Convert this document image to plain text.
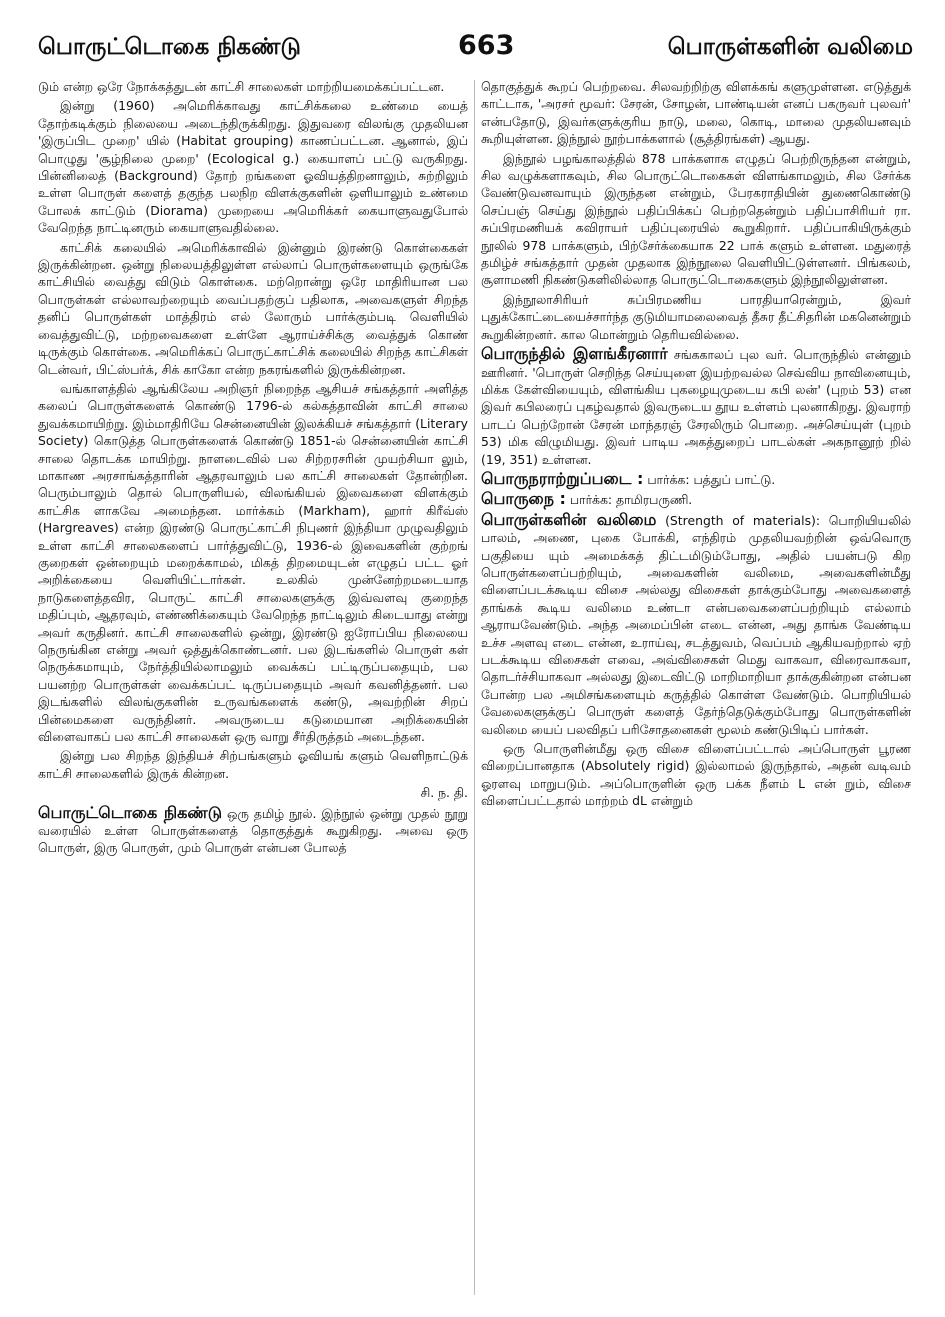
பொருட்டொகை நிகண்டு	663	பொருள்களின் வலிமை

டும் என்ற ஒரே நோக்கத்துடன் காட்சி சாலைகள் மாற்றியமைக்கப்பட்டன.

இன்று (1960) அமெரிக்காவது காட்சிக்கலை உண்மை யைத் தோற்கடிக்கும் நிலையை அடைந்திருக்கிறது. இதுவரை விலங்கு முதலியன 'இருப்பிட முறை' யில் (Habitat grouping) காணப்பட்டன. ஆனால், இப் பொழுது 'சூழ்நிலை முறை' (Ecological g.) கையாளப் பட்டு வருகிறது. பின்னிலைத் (Background) தோற் றங்களை ஓவியத்திறனாலும், சுற்றிலும் உள்ள பொருள் களைத் தகுந்த பலநிற விளக்குகளின் ஒளியாலும் உண்மை போலக் காட்டும் (Diorama) முறையை அமெரிக்கர் கையாளுவதுபோல் வேறெந்த நாட்டினரும் கையாளுவதில்லை.

காட்சிக் கலையில் அமெரிக்காவில் இன்னும் இரண்டு கொள்கைகள் இருக்கின்றன. ஒன்று நிலையத்திலுள்ள எல்லாப் பொருள்களையும் ஒருங்கே காட்சியில் வைத்து விடும் கொள்கை. மற்றொன்று ஒரே மாதிரியான பல பொருள்கள் எல்லாவற்றையும் வைப்பதற்குப் பதிலாக, அவைகளுள் சிறந்த தனிப் பொருள்கள் மாத்திரம் எல் லோரும் பார்க்கும்படி வெளியில் வைத்துவிட்டு, மற்றவைகளை உள்ளே ஆராய்ச்சிக்கு வைத்துக் கொண் டிருக்கும் கொள்கை. அமெரிக்கப் பொருட்காட்சிக் கலையில் சிறந்த காட்சிகள் டென்வர், பிட்ஸ்பர்க், சிக் காகோ என்ற நகரங்களில் இருக்கின்றன.

வங்காளத்தில் ஆங்கிலேய அறிஞர் நிறைந்த ஆசியச் சங்கத்தார் அளித்த கலைப் பொருள்களைக் கொண்டு 1796-ல் கல்கத்தாவின் காட்சி சாலை துவக்கமாயிற்று. இம்மாதிரியே சென்னையின் இலக்கியச் சங்கத்தார் (Literary Society) கொடுத்த பொருள்களைக் கொண்டு 1851-ல் சென்னையின் காட்சி சாலை தொடக்க மாயிற்று. நாளடைவில் பல சிற்றரசரின் முயற்சியா லும், மாகாண அரசாங்கத்தாரின் ஆதரவாலும் பல காட்சி சாலைகள் தோன்றின. பெரும்பாலும் தொல் பொருளியல், விலங்கியல் இவைகளை விளக்கும் காட்சிக ளாகவே அமைந்தன. மார்க்கம் (Markham), ஹார் கிரீவ்ஸ் (Hargreaves) என்ற இரண்டு பொருட்காட்சி நிபுணர் இந்தியா முழுவதிலும் உள்ள காட்சி சாலைகளைப் பார்த்துவிட்டு, 1936-ல் இவைகளின் குற்றங் குறைகள் ஒன்றையும் மறைக்காமல், மிகத் திறமையுடன் எழுதப் பட்ட ஓர் அறிக்கையை வெளியிட்டார்கள். உலகில் முன்னேற்றமடையாத நாடுகளைத்தவிர, பொருட் காட்சி சாலைகளுக்கு இவ்வளவு குறைந்த மதிப்பும், ஆதரவும், எண்ணிக்கையும் வேறெந்த நாட்டிலும் கிடையாது என்று அவர் கருதினர். காட்சி சாலைகளில் ஒன்று, இரண்டு ஐரோப்பிய நிலையை நெருங்கின என்று அவர் ஒத்துக்கொண்டனர். பல இடங்களில் பொருள் கள் நெருக்கமாயும், நேர்த்தியில்லாமலும் வைக்கப் பட்டிருப்பதையும், பல பயனற்ற பொருள்கள் வைக்கப்பட் டிருப்பதையும் அவர் கவனித்தனர். பல இடங்களில் விலங்குகளின் உருவங்களைக் கண்டு, அவற்றின் சிறப் பின்மைகளை வருந்தினர். அவருடைய கடுமையான அறிக்கையின் விளைவாகப் பல காட்சி சாலைகள் ஒரு வாறு சீர்திருத்தம் அடைந்தன.

இன்று பல சிறந்த இந்தியச் சிற்பங்களும் ஓவியங் களும் வெளிநாட்டுக் காட்சி சாலைகளில் இருக் கின்றன.

சி. ந. தி.

பொருட்டொகை நிகண்டு ஒரு தமிழ் நூல். இந்நூல் ஒன்று முதல் நூறு வரையில் உள்ள பொருள்களைத் தொகுத்துக் கூறுகிறது. அவை ஒரு பொருள், இரு பொருள், மும் பொருள் என்பன போலத்

தொகுத்துக் கூறப் பெற்றவை. சிலவற்றிற்கு விளக்கங் களுமுள்ளன. எடுத்துக் காட்டாக, 'அரசர் மூவர்: சேரன், சோழன், பாண்டியன் எனப் பகருவர் புலவர்' என்பதோடு, இவர்களுக்குரிய நாடு, மலை, கொடி, மாலை முதலியனவும் கூறியுள்ளன. இந்நூல் நூற்பாக்களால் (சூத்திரங்கள்) ஆயது.

இந்நூல் பழங்காலத்தில் 878 பாக்களாக எழுதப் பெற்றிருந்தன என்றும், சில வழுக்களாகவும், சில பொருட்டொகைகள் விளங்காமலும், சில சேர்க்க வேண்டுவனவாயும் இருந்தன என்றும், பேரகராதியின் துணைகொண்டு செப்பஞ் செய்து இந்நூல் பதிப்பிக்கப் பெற்றதென்றும் பதிப்பாசிரியர் ரா. சுப்பிரமணியக் கவிராயர் பதிப்புரையில் கூறுகிறார். பதிப்பாகியிருக்கும் நூலில் 978 பாக்களும், பிற்சேர்க்கையாக 22 பாக் களும் உள்ளன. மதுரைத் தமிழ்ச் சங்கத்தார் முதன் முதலாக இந்நூலை வெளியிட்டுள்ளனர். பிங்கலம், சூளாமணி நிகண்டுகளிலில்லாத பொருட்டொகைகளும் இந்நூலிலுள்ளன.

இந்நூலாசிரியர் சுப்பிரமணிய பாரதியாரென்றும், இவர் புதுக்கோட்டையைச்சார்ந்த குடுமியாமலைவைத் தீசுர தீட்சிதரின் மகனென்றும் கூறுகின்றனர். கால மொன்றும் தெரியவில்லை.

பொருந்தில் இளங்கீரனார் சங்ககாலப் புல வர். பொருந்தில் என்னும் ஊரினர். 'பொருள் செறிந்த செய்யுளை இயற்றவல்ல செவ்விய நாவினையும், மிக்க கேள்வியையும், விளங்கிய புகழையுமுடைய கபி லன்' (புறம் 53) என இவர் கபிலரைப் புகழ்வதால் இவருடைய தூய உள்ளம் புலனாகிறது. இவராற் பாடப் பெற்றோன் சேரன் மாந்தரஞ் சேரலிரும் பொறை. அச்செய்யுள் (புறம் 53) மிக விழுமியது. இவர் பாடிய அகத்துறைப் பாடல்கள் அகநானூற் றில் (19, 351) உள்ளன.

பொருநராற்றுப்படை : பார்க்க: பத்துப் பாட்டு.

பொருநை : பார்க்க: தாமிரபருணி.

பொருள்களின் வலிமை (Strength of materials): பொறியியலில் பாலம், அணை, புகை போக்கி, எந்திரம் முதலியவற்றின் ஒவ்வொரு பகுதியை யும் அமைக்கத் திட்டமிடும்போது, அதில் பயன்படு கிற பொருள்களைப்பற்றியும், அவைகளின் வலிமை, அவைகளின்மீது விளைப்படக்கூடிய விசை அல்லது விசைகள் தாக்கும்போது அவைகளைத் தாங்கக் கூடிய வலிமை உண்டா என்பவைகளைப்பற்றியும் எல்லாம் ஆராயவேண்டும். அந்த அமைப்பின் எடை என்ன, அது தாங்க வேண்டிய உச்ச அளவு எடை என்ன, உராய்வு, சடத்துவம், வெப்பம் ஆகியவற்றால் ஏற் படக்கூடிய விசைகள் எவை, அவ்விசைகள் மெது வாகவா, விரைவாகவா, தொடர்ச்சியாகவா அல்லது இடைவிட்டு மாறிமாறியா தாக்குகின்றன என்பன போன்ற பல அமிசங்களையும் கருத்தில் கொள்ள வேண்டும். பொறியியல் வேலைகளுக்குப் பொருள் களைத் தேர்ந்தெடுக்கும்போது பொருள்களின் வலிமை யைப் பலவிதப் பரிசோதனைகள் மூலம் கண்டுபிடிப் பார்கள்.

ஒரு பொருளின்மீது ஒரு விசை விளைப்பட்டால் அப்பொருள் பூரண விறைப்பானதாக (Absolutely rigid) இல்லாமல் இருந்தால், அதன் வடிவம் ஓரளவு மாறுபடும். அப்பொருளின் ஒரு பக்க நீளம் L என் றும், விசை விளைப்பட்டதால் மாற்றம் dL என்றும்
